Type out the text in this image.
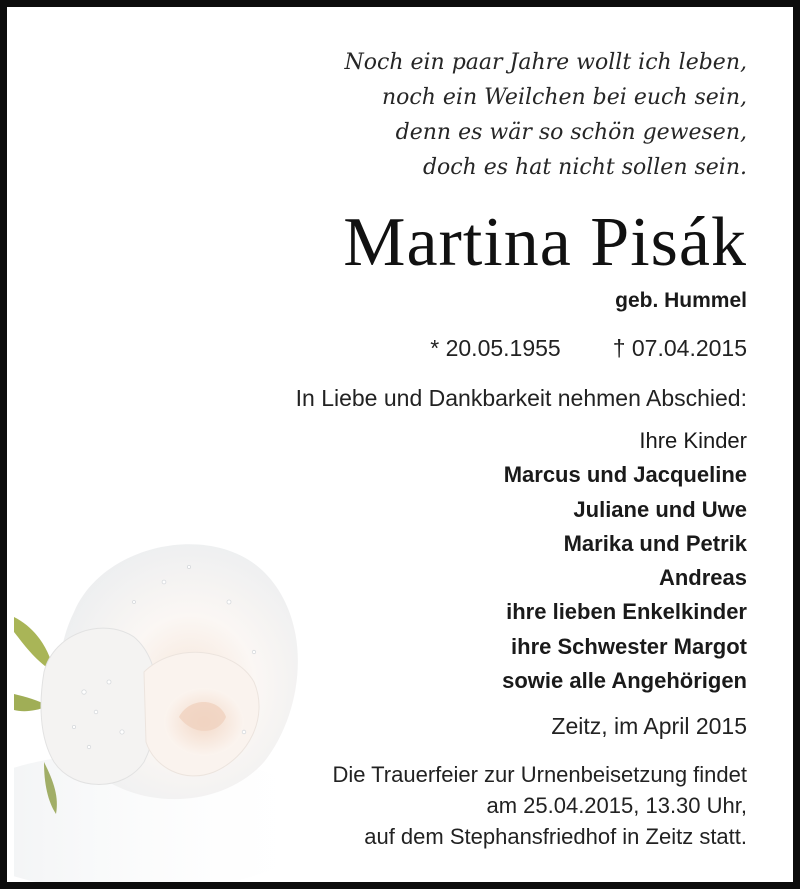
Noch ein paar Jahre wollt ich leben,
noch ein Weilchen bei euch sein,
denn es wär so schön gewesen,
doch es hat nicht sollen sein.
Martina Pisák
geb. Hummel
* 20.05.1955 † 07.04.2015
In Liebe und Dankbarkeit nehmen Abschied:
Ihre Kinder
Marcus und Jacqueline
Juliane und Uwe
Marika und Petrik
Andreas
ihre lieben Enkelkinder
ihre Schwester Margot
sowie alle Angehörigen
Zeitz, im April 2015
Die Trauerfeier zur Urnenbeisetzung findet
am 25.04.2015, 13.30 Uhr,
auf dem Stephansfriedhof in Zeitz statt.
